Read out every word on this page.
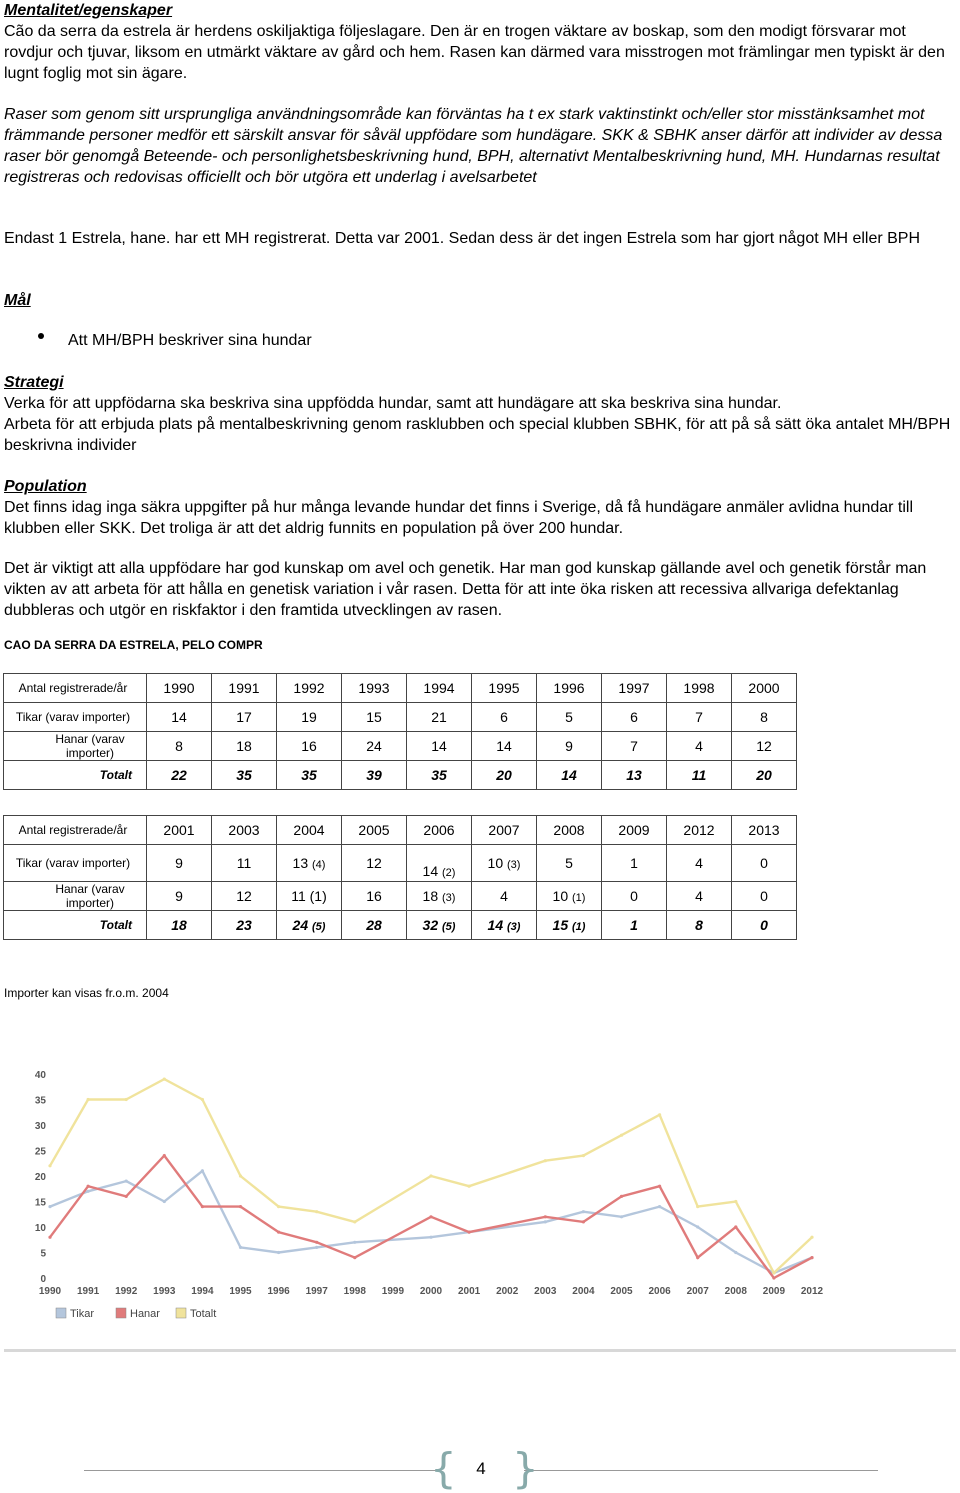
Mentalitet/egenskaper

Cão da serra da estrela är herdens oskiljaktiga följeslagare. Den är en trogen väktare av boskap, som den modigt försvarar mot rovdjur och tjuvar, liksom en utmärkt väktare av gård och hem. Rasen kan därmed vara misstrogen mot främlingar men typiskt är den lugnt foglig mot sin ägare.

Raser som genom sitt ursprungliga användningsområde kan förväntas ha t ex stark vaktinstinkt och/eller stor misstänksamhet mot främmande personer medför ett särskilt ansvar för såväl uppfödare som hundägare. SKK & SBHK anser därför att individer av dessa raser bör genomgå Beteende- och personlighetsbeskrivning hund, BPH, alternativt Mentalbeskrivning hund, MH. Hundarnas resultat registreras och redovisas officiellt och bör utgöra ett underlag i avelsarbetet

Endast 1 Estrela, hane. har ett MH registrerat. Detta var 2001. Sedan dess är det ingen Estrela som har gjort något MH eller BPH

Mål

Att MH/BPH beskriver sina hundar

Strategi

Verka för att uppfödarna ska beskriva sina uppfödda hundar, samt att hundägare att ska beskriva sina hundar.

Arbeta för att erbjuda plats på mentalbeskrivning genom rasklubben och special klubben SBHK, för att på så sätt öka antalet MH/BPH beskrivna individer

Population

Det finns idag inga säkra uppgifter på hur många levande hundar det finns i Sverige, då få hundägare anmäler avlidna hundar till klubben eller SKK. Det troliga är att det aldrig funnits en population på över 200 hundar.

Det är viktigt att alla uppfödare har god kunskap om avel och genetik. Har man god kunskap gällande avel och genetik förstår man vikten av att arbeta för att hålla en genetisk variation i vår rasen. Detta för att inte öka risken att recessiva allvariga defektanlag dubbleras och utgör en riskfaktor i den framtida utvecklingen av rasen.

CAO DA SERRA DA ESTRELA, PELO COMPR
Antal registrerade/år	1990	1991	1992	1993	1994	1995	1996	1997	1998	2000
Tikar (varav importer)	14	17	19	15	21	6	5	6	7	8
Hanar (varav importer)	8	18	16	24	14	14	9	7	4	12
Totalt	22	35	35	39	35	20	14	13	11	20
Antal registrerade/år	2001	2003	2004	2005	2006	2007	2008	2009	2012	2013
Tikar (varav importer)	9	11	13 (4)	12	14 (2)	10 (3)	5	1	4	0
Hanar (varav importer)	9	12	11 (1)	16	18 (3)	4	10 (1)	0	4	0
Totalt	18	23	24 (5)	28	32 (5)	14 (3)	15 (1)	1	8	0
Importer kan visas fr.o.m. 2004
0
5
10
15
20
25
30
35
40
1990 1991 1992 1993 1994 1995 1996 1997 1998 1999 2000 2001 2002 2003 2004 2005 2006 2007 2008 2009 2012
Tikar	Hanar	Totalt
{ }
4
